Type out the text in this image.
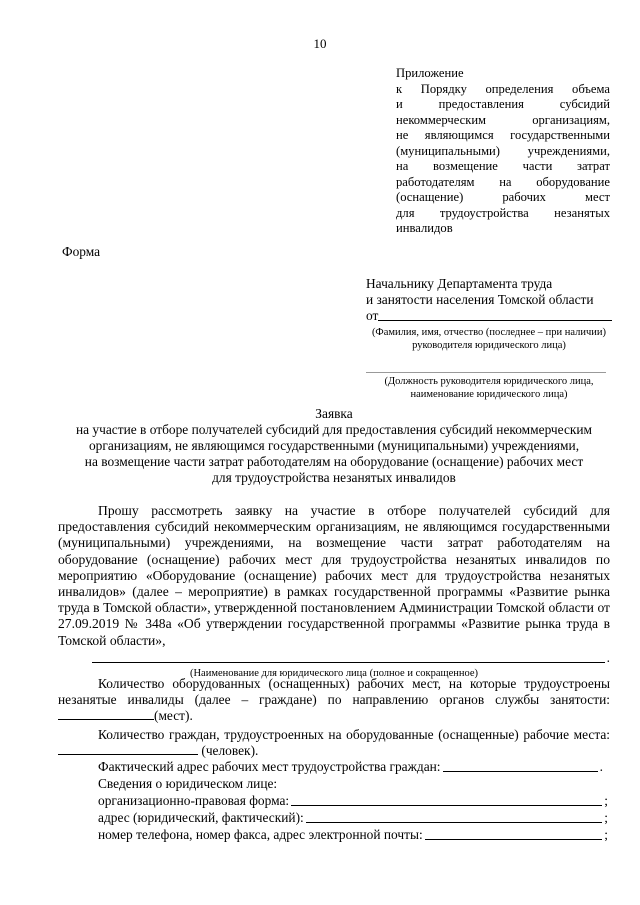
10
Приложение
к Порядку определения объема
и предоставления субсидий
некоммерческим организациям,
не являющимся государственными
(муниципальными) учреждениями,
на возмещение части затрат
работодателям на оборудование
(оснащение) рабочих мест
для трудоустройства незанятых
инвалидов
Форма
Начальнику Департамента труда
и занятости населения Томской области
от
(Фамилия, имя, отчество (последнее – при наличии)
руководителя юридического лица)
(Должность руководителя юридического лица,
наименование юридического лица)
Заявка
на участие в отборе получателей субсидий для предоставления субсидий некоммерческим
организациям, не являющимся государственными (муниципальными) учреждениями,
на возмещение части затрат работодателям на оборудование (оснащение) рабочих мест
для трудоустройства незанятых инвалидов
Прошу рассмотреть заявку на участие в отборе получателей субсидий для предоставления субсидий некоммерческим организациям, не являющимся государственными (муниципальными) учреждениями, на возмещение части затрат работодателям на оборудование (оснащение) рабочих мест для трудоустройства незанятых инвалидов по мероприятию «Оборудование (оснащение) рабочих мест для трудоустройства незанятых инвалидов» (далее – мероприятие) в рамках государственной программы «Развитие рынка труда в Томской области», утвержденной постановлением Администрации Томской области от 27.09.2019 № 348а «Об утверждении государственной программы «Развитие рынка труда в Томской области»,
.
(Наименование для юридического лица (полное и сокращенное)
Количество оборудованных (оснащенных) рабочих мест, на которые трудоустроены незанятые инвалиды (далее – граждане) по направлению органов службы занятости: (мест).
Количество граждан, трудоустроенных на оборудованные (оснащенные) рабочие места:  (человек).
Фактический адрес рабочих мест трудоустройства граждан:	.
Сведения о юридическом лице:
организационно-правовая форма:	;
адрес (юридический, фактический):	;
номер телефона, номер факса, адрес электронной почты:	;
